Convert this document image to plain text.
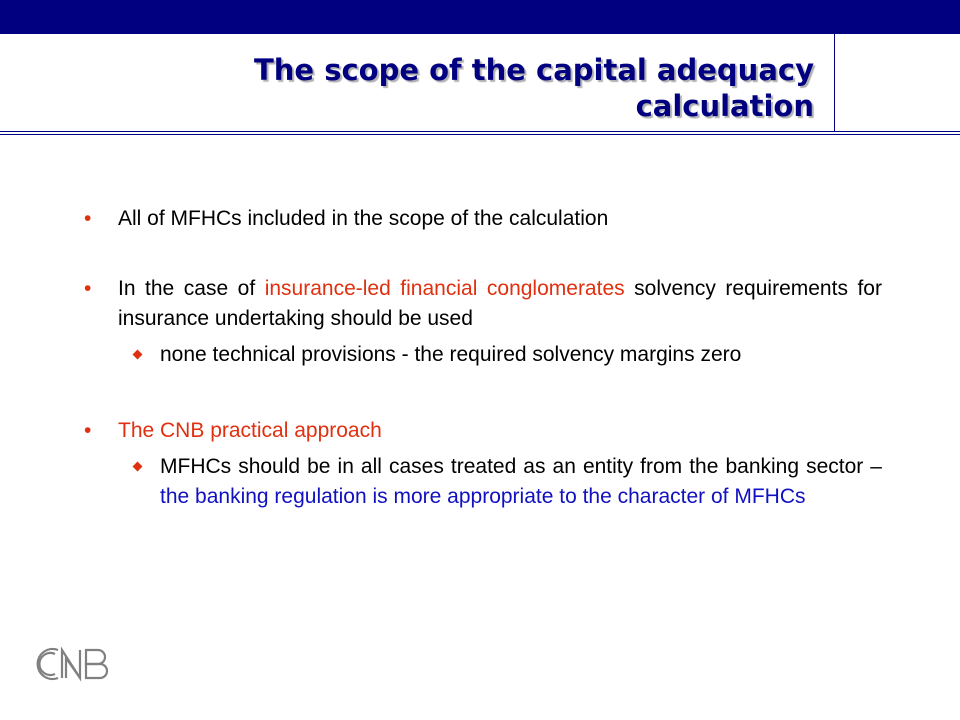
The scope of the capital adequacy calculation
• All of MFHCs included in the scope of the calculation
• In the case of insurance-led financial conglomerates solvency requirements for insurance undertaking should be used
none technical provisions - the required solvency margins zero
• The CNB practical approach
MFHCs should be in all cases treated as an entity from the banking sector – the banking regulation is more appropriate to the character of MFHCs
